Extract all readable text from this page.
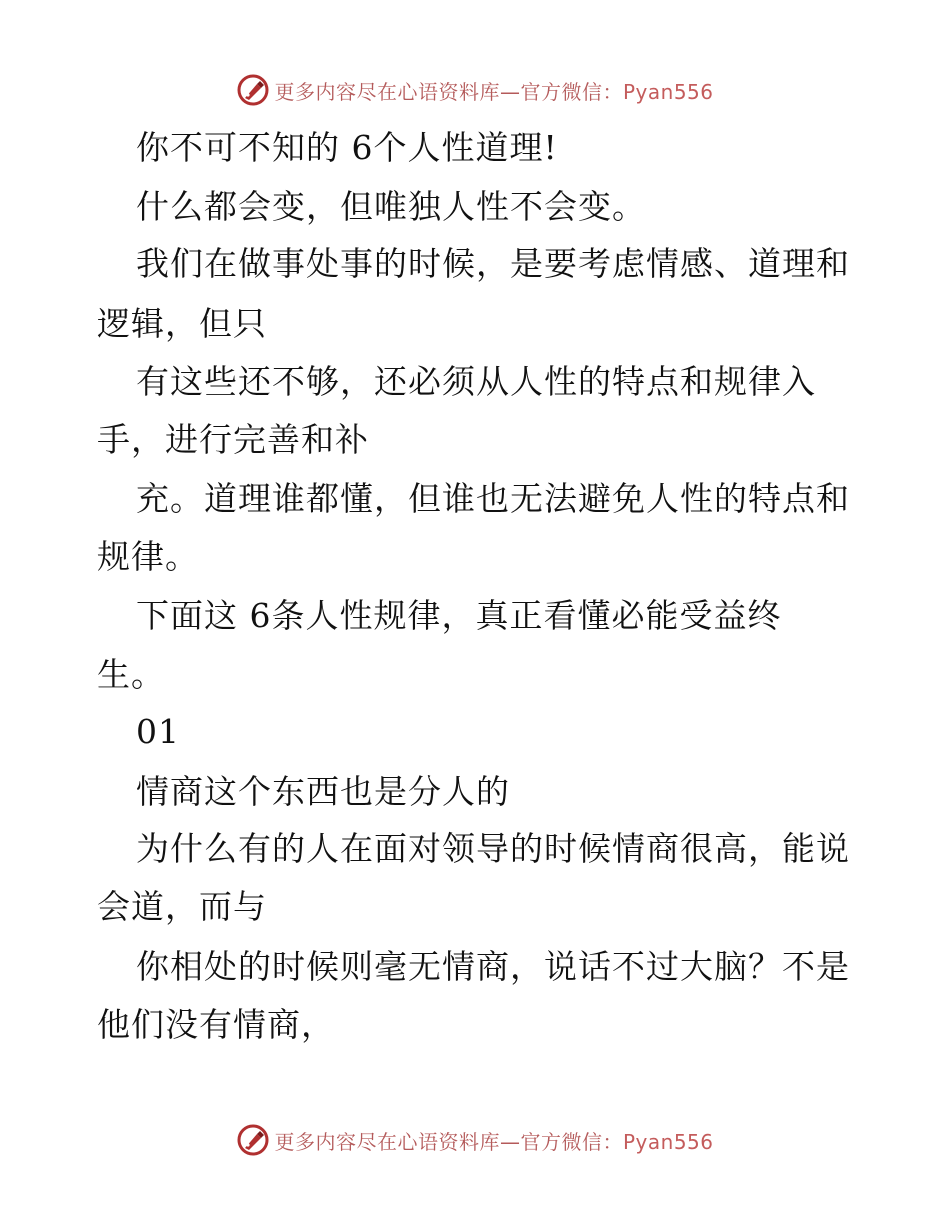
更多内容尽在心语资料库—官方微信：Pyan556
你不可不知的 6个人性道理!
什么都会变，但唯独人性不会变。
我们在做事处事的时候，是要考虑情感、道理和
逻辑，但只
有这些还不够，还必须从人性的特点和规律入
手，进行完善和补
充。道理谁都懂，但谁也无法避免人性的特点和
规律。
下面这 6条人性规律，真正看懂必能受益终
生。
01
情商这个东西也是分人的
为什么有的人在面对领导的时候情商很高，能说
会道，而与
你相处的时候则毫无情商，说话不过大脑？不是
他们没有情商，
更多内容尽在心语资料库—官方微信：Pyan556
